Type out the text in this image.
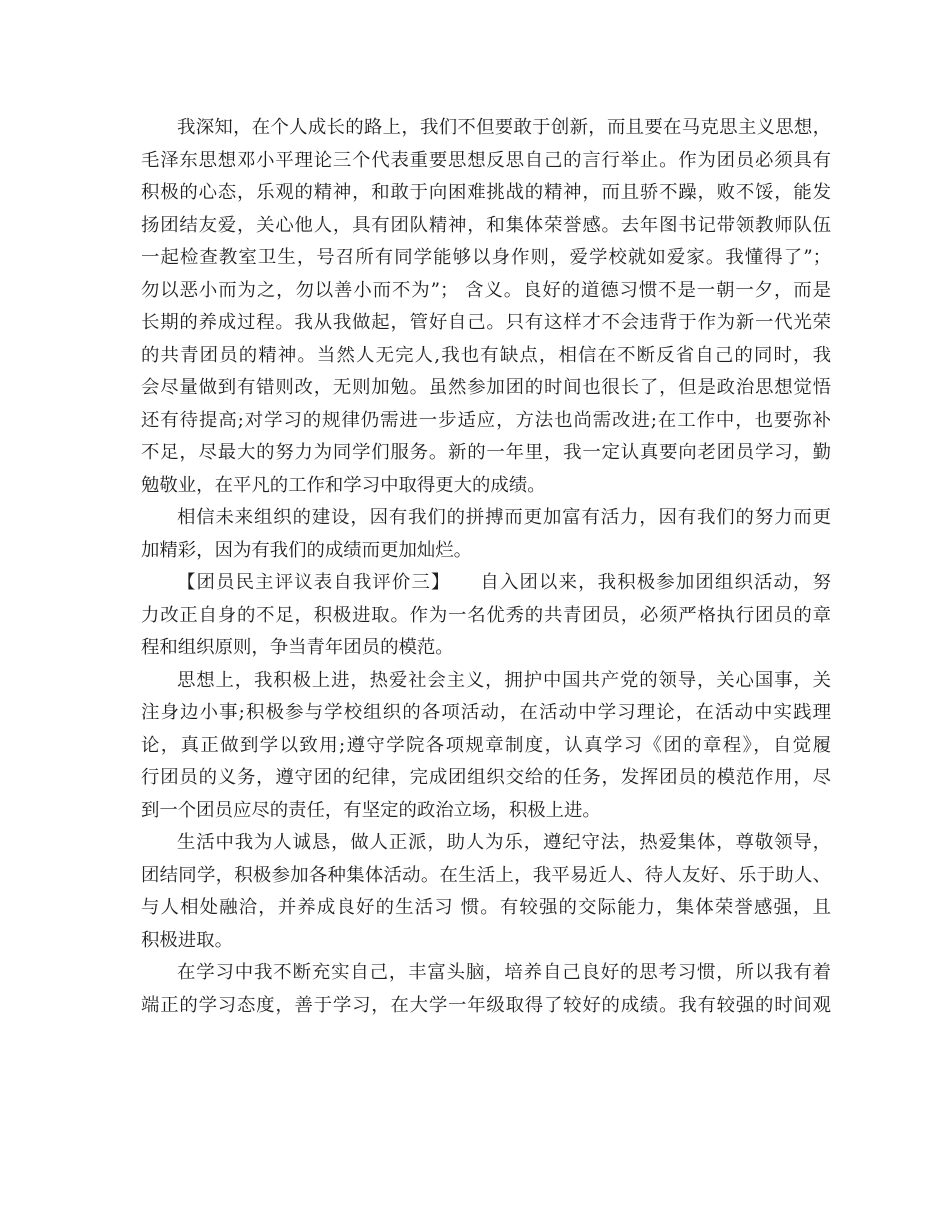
我深知，在个人成长的路上，我们不但要敢于创新，而且要在马克思主义思想，
毛泽东思想邓小平理论三个代表重要思想反思自己的言行举止。作为团员必须具有
积极的心态，乐观的精神，和敢于向困难挑战的精神，而且骄不躁，败不馁，能发
扬团结友爱，关心他人，具有团队精神，和集体荣誉感。去年图书记带领教师队伍
一起检查教室卫生，号召所有同学能够以身作则，爱学校就如爱家。我懂得了”；
勿以恶小而为之，勿以善小而不为”； 含义。良好的道德习惯不是一朝一夕，而是
长期的养成过程。我从我做起，管好自己。只有这样才不会违背于作为新一代光荣
的共青团员的精神。当然人无完人,我也有缺点，相信在不断反省自己的同时，我
会尽量做到有错则改，无则加勉。虽然参加团的时间也很长了，但是政治思想觉悟
还有待提高;对学习的规律仍需进一步适应，方法也尚需改进;在工作中，也要弥补
不足，尽最大的努力为同学们服务。新的一年里，我一定认真要向老团员学习，勤
勉敬业，在平凡的工作和学习中取得更大的成绩。

相信未来组织的建设，因有我们的拼搏而更加富有活力，因有我们的努力而更
加精彩，因为有我们的成绩而更加灿烂。

【团员民主评议表自我评价三】　　自入团以来，我积极参加团组织活动，努
力改正自身的不足，积极进取。作为一名优秀的共青团员，必须严格执行团员的章
程和组织原则，争当青年团员的模范。

思想上，我积极上进，热爱社会主义，拥护中国共产党的领导，关心国事，关
注身边小事;积极参与学校组织的各项活动，在活动中学习理论，在活动中实践理
论，真正做到学以致用;遵守学院各项规章制度，认真学习《团的章程》，自觉履
行团员的义务，遵守团的纪律，完成团组织交给的任务，发挥团员的模范作用，尽
到一个团员应尽的责任，有坚定的政治立场，积极上进。

生活中我为人诚恳，做人正派，助人为乐，遵纪守法，热爱集体，尊敬领导，
团结同学，积极参加各种集体活动。在生活上，我平易近人、待人友好、乐于助人、
与人相处融洽，并养成良好的生活习 惯。有较强的交际能力，集体荣誉感强，且
积极进取。

在学习中我不断充实自己，丰富头脑，培养自己良好的思考习惯，所以我有着
端正的学习态度，善于学习，在大学一年级取得了较好的成绩。我有较强的时间观
